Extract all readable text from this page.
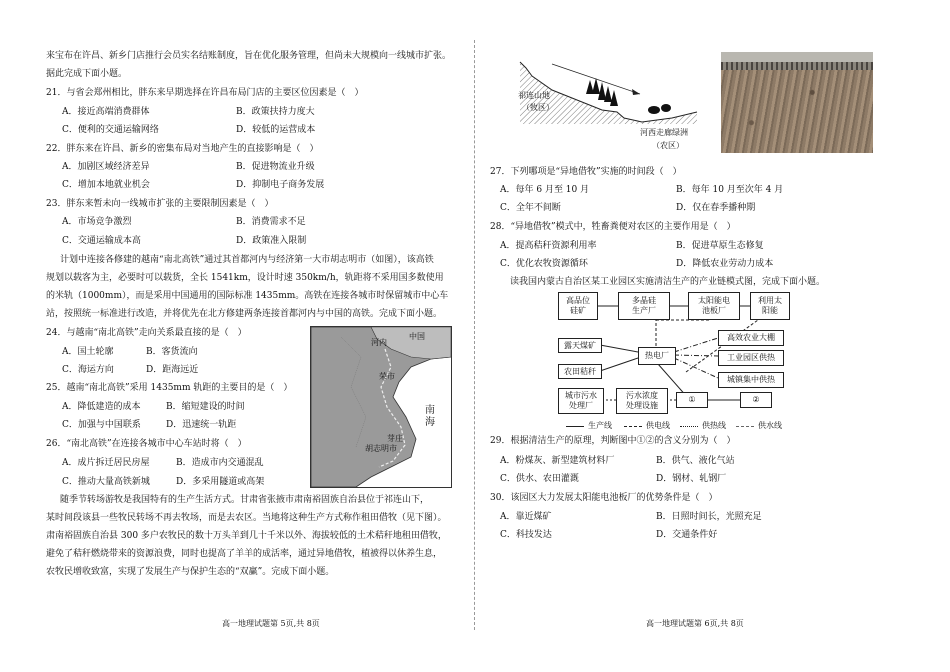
来宝布在许昌、新乡门店推行会员实名结账制度，旨在优化服务管理，但尚未大规模向一线城市扩张。
据此完成下面小题。
21．与省会郑州相比，胖东来早期选择在许昌布局门店的主要区位因素是（　）
A．接近高端消费群体	B．政策扶持力度大
C．便利的交通运输网络	D．较低的运营成本
22．胖东来在许昌、新乡的密集布局对当地产生的直接影响是（　）
A．加剧区域经济差异	B．促进物流业升级
C．增加本地就业机会	D．抑制电子商务发展
23．胖东来暂未向一线城市扩张的主要限制因素是（　）
A．市场竞争激烈	B．消费需求不足
C．交通运输成本高	D．政策准入限制
计划中连接各修建的越南“南北高铁”通过其首都河内与经济第一大市胡志明市（如图），该高铁
规划以载客为主，必要时可以载货，全长 1541km，设计时速 350km/h，轨距将不采用国多数使用
的米轨（1000mm），而是采用中国通用的国际标准 1435mm。高铁在连接各城市时保留城市中心车
站，按照统一标准进行改造，并将优先在北方修建两条连接首都河内与中国的高铁。完成下面小题。
24．与越南“南北高铁”走向关系最直接的是（　）
A．国土轮廓	B．客货流向
C．海运方向	D．距海远近
25．越南“南北高铁”采用 1435mm 轨距的主要目的是（　）
A．降低建造的成本	B．缩短建设的时间
C．加强与中国联系	D．迅速统一轨距
26．“南北高铁”在连接各城市中心车站时将（　）
A．成片拆迁居民房屋	B．造成市内交通混乱
C．推动大量高铁新城	D．多采用隧道或高架
随季节转场游牧是我国特有的生产生活方式。甘肃省张掖市肃南裕固族自治县位于祁连山下，
某时间段该县一些牧民转场不再去牧场，而是去农区。当地将这种生产方式称作租田借牧（见下图）。
肃南裕固族自治县 300 多户农牧民的数十万头羊到几十千米以外、海拔较低的土术秸秆地租田借牧，
避免了秸秆燃烧带来的资源浪费，同时也提高了羊羊的成活率，通过异地借牧，植被得以休养生息，
农牧民增收致富，实现了发展生产与保护生态的“双赢”。完成下面小题。
中国
河内
荣市
芽庄
胡志明市
南
海
高一地理试题第 5页,共 8页
祁连山地
（牧区）
河西走廊绿洲
（农区）
27．下列哪项是“异地借牧”实施的时间段（　）
A．每年 6 月至 10 月	B．每年 10 月至次年 4 月
C．全年不间断	D．仅在春季播种期
28．“异地借牧”模式中，牲畜粪便对农区的主要作用是（　）
A．提高秸秆资源利用率	B．促进草原生态修复
C．优化农牧资源循环	D．降低农业劳动力成本
读我国内蒙古自治区某工业园区实施清洁生产的产业链模式图，完成下面小题。
29．根据清洁生产的原理，判断图中①②的含义分别为（　）
A．粉煤灰、新型建筑材料厂	B．供气、液化气站
C．供水、农田灌溉	D．钢材、轧钢厂
30．该园区大力发展太阳能电池板厂的优势条件是（　）
A．靠近煤矿	B．日照时间长，光照充足
C．科技发达	D．交通条件好
高品位
硅矿
多晶硅
生产厂
太阳能电
池板厂
利用太
阳能
露天煤矿
农田秸秆
热电厂
高效农业大棚
工业园区供热
城镇集中供热
城市污水
处理厂
污水浓度
处理设施
①	②
生产线	供电线	供热线	供水线
高一地理试题第 6页,共 8页
